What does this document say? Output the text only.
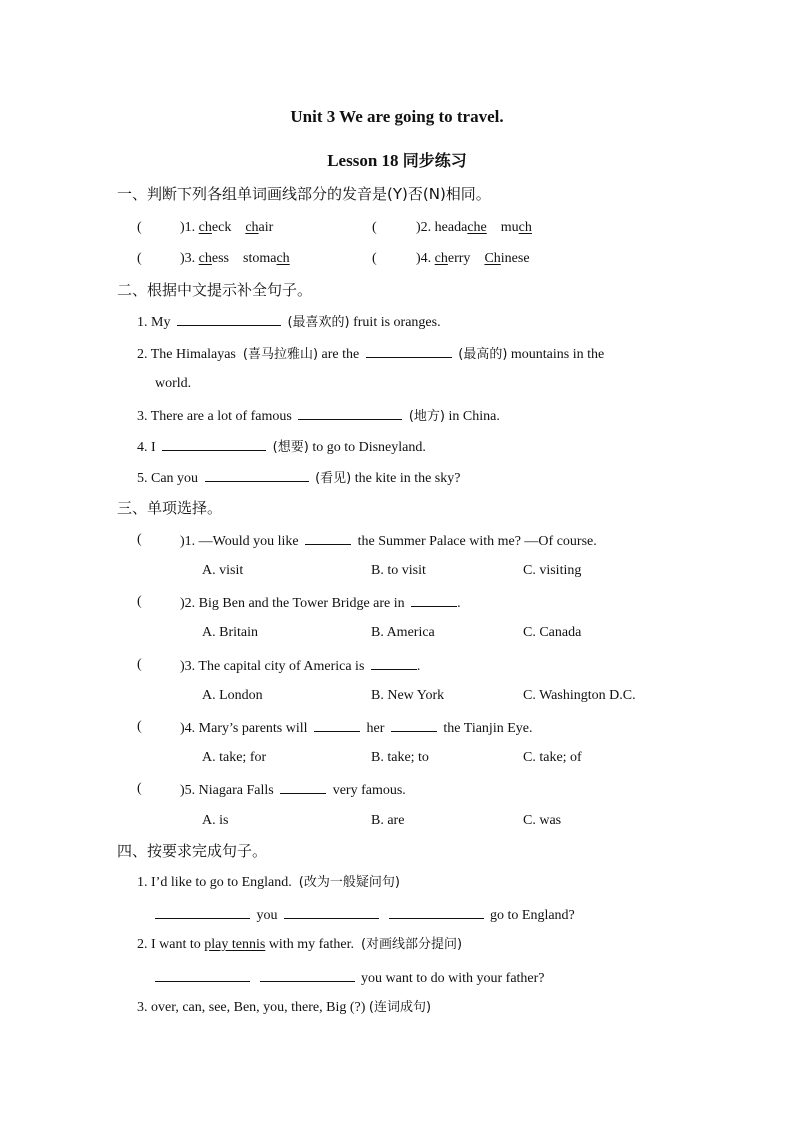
Unit 3 We are going to travel.
Lesson 18 同步练习
一、判断下列各组单词画线部分的发音是(Y)否(N)相同。
(	)1. check chair	(	)2. headache much
(	)3. chess stomach	(	)4. cherry Chinese
二、根据中文提示补全句子。
1. My	(最喜欢的) fruit is oranges.
2. The Himalayas (喜马拉雅山) are the	(最高的) mountains in the
world.
3. There are a lot of famous	(地方) in China.
4. I	(想要) to go to Disneyland.
5. Can you	(看见) the kite in the sky?
三、单项选择。
(	)1. —Would you like	the Summer Palace with me? —Of course.
A. visit	B. to visit	C. visiting
(	)2. Big Ben and the Tower Bridge are in	.
A. Britain	B. America	C. Canada
(	)3. The capital city of America is	.
A. London	B. New York	C. Washington D.C.
(	)4. Mary’s parents will	her	the Tianjin Eye.
A. take; for	B. take; to	C. take; of
(	)5. Niagara Falls	very famous.
A. is	B. are	C. was
四、按要求完成句子。
1. I’d like to go to England. (改为一般疑问句)
you	go to England?
2. I want to play tennis with my father. (对画线部分提问)
you want to do with your father?
3. over, can, see, Ben, you, there, Big (?) (连词成句)
